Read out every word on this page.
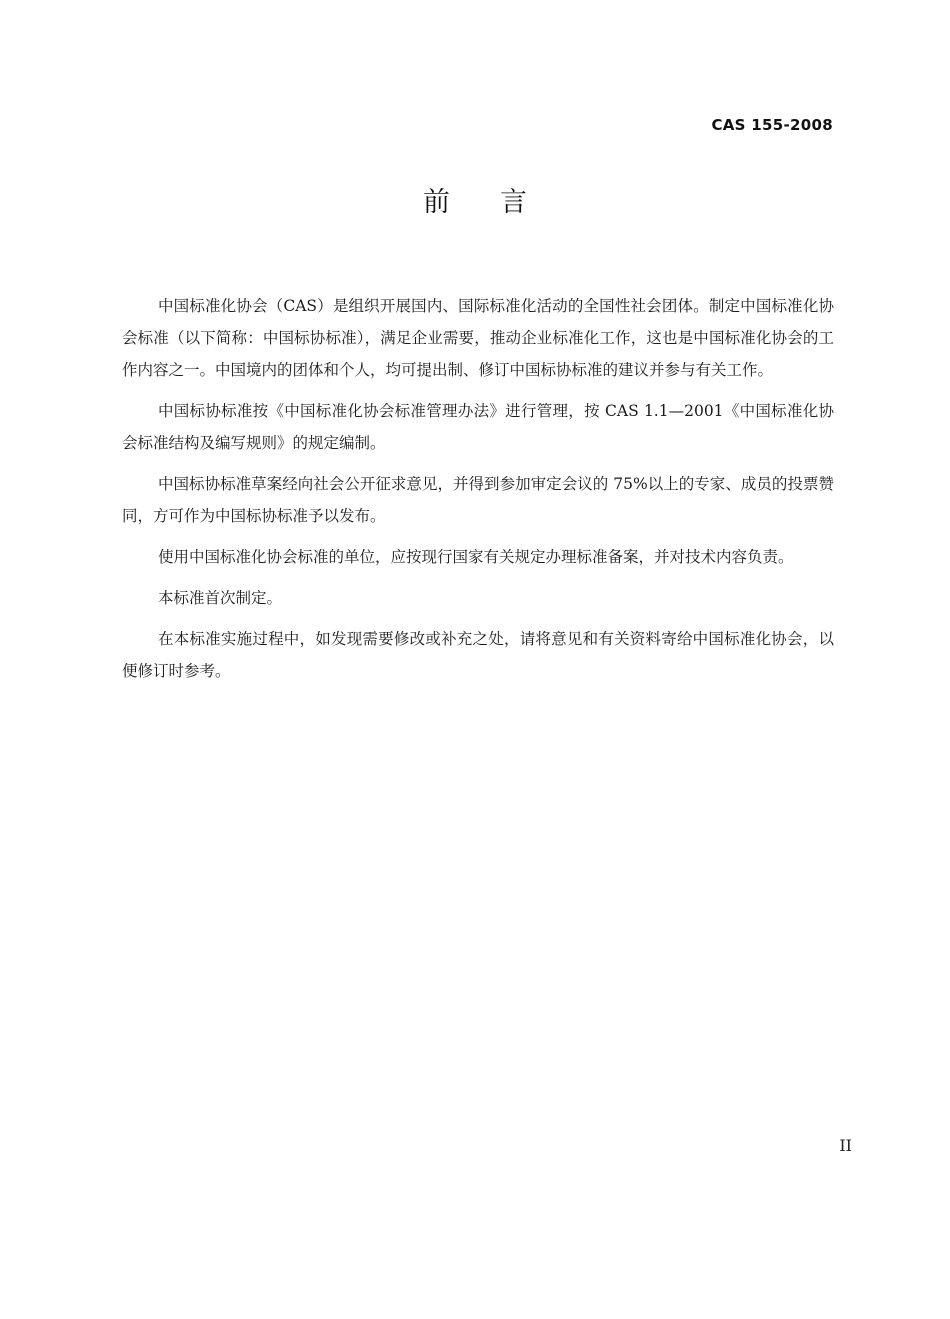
CAS 155-2008
前言

中国标准化协会（CAS）是组织开展国内、国际标准化活动的全国性社会团体。制定中国标准化协会标准（以下简称：中国标协标准），满足企业需要，推动企业标准化工作，这也是中国标准化协会的工作内容之一。中国境内的团体和个人，均可提出制、修订中国标协标准的建议并参与有关工作。

中国标协标准按《中国标准化协会标准管理办法》进行管理，按 CAS 1.1—2001《中国标准化协会标准结构及编写规则》的规定编制。

中国标协标准草案经向社会公开征求意见，并得到参加审定会议的 75%以上的专家、成员的投票赞同，方可作为中国标协标准予以发布。

使用中国标准化协会标准的单位，应按现行国家有关规定办理标准备案，并对技术内容负责。

本标准首次制定。

在本标准实施过程中，如发现需要修改或补充之处，请将意见和有关资料寄给中国标准化协会，以便修订时参考。

II
